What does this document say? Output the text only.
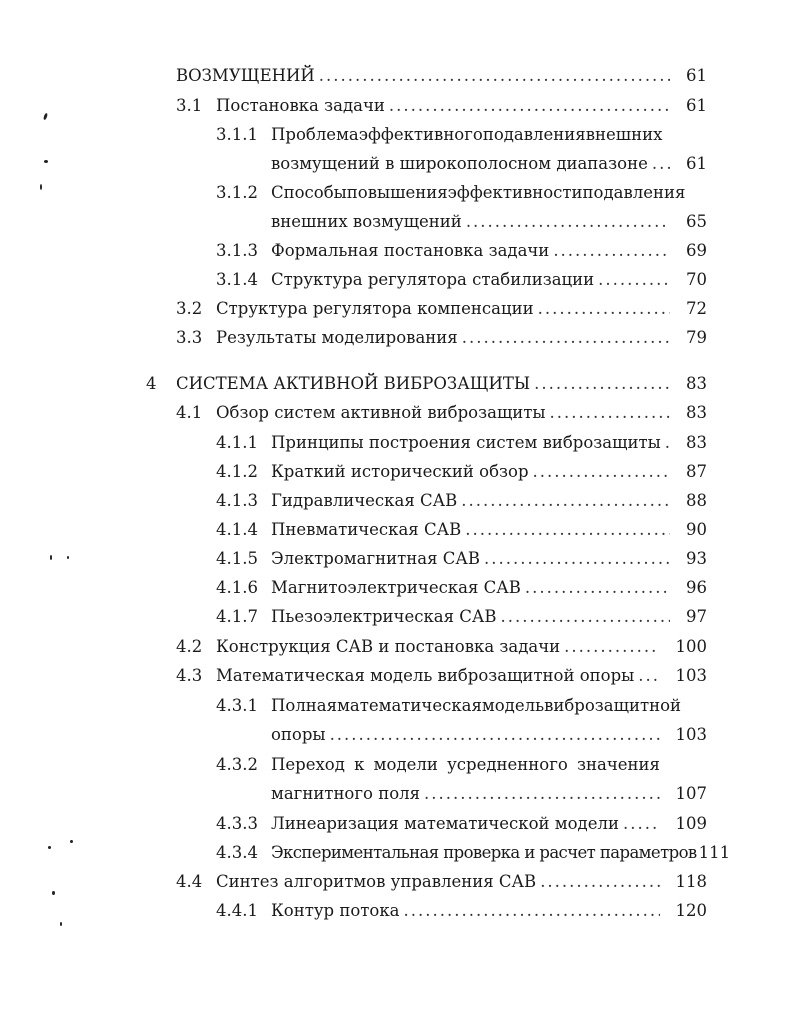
ВОЗМУЩЕНИЙ .....	61
3.1 Постановка задачи .....	61
3.1.1 Проблема эффективного подавления внешних
возмущений в широкополосном диапазоне ..... 61
3.1.2 Способы повышения эффективности подавления
внешних возмущений .....	65
3.1.3 Формальная постановка задачи .....	69
3.1.4 Структура регулятора стабилизации .....	70
3.2 Структура регулятора компенсации .....	72
3.3 Результаты моделирования .....	79
4 СИСТЕМА АКТИВНОЙ ВИБРОЗАЩИТЫ .....	83
4.1 Обзор систем активной виброзащиты .....	83
4.1.1 Принципы построения систем виброзащиты ..... 83
4.1.2 Краткий исторический обзор .....	87
4.1.3 Гидравлическая САВ .....	88
4.1.4 Пневматическая САВ .....	90
4.1.5 Электромагнитная САВ .....	93
4.1.6 Магнитоэлектрическая САВ .....	96
4.1.7 Пьезоэлектрическая САВ .....	97
4.2 Конструкция САВ и постановка задачи .....	100
4.3 Математическая модель виброзащитной опоры ..... 103
4.3.1 Полная математическая модель виброзащитной
опоры .....	103
4.3.2 Переход к модели усредненного значения
магнитного поля .....	107
4.3.3 Линеаризация математической модели .....	109
4.3.4 Экспериментальная проверка и расчет параметров 111
4.4 Синтез алгоритмов управления САВ .....	118
4.4.1 Контур потока .....	120
